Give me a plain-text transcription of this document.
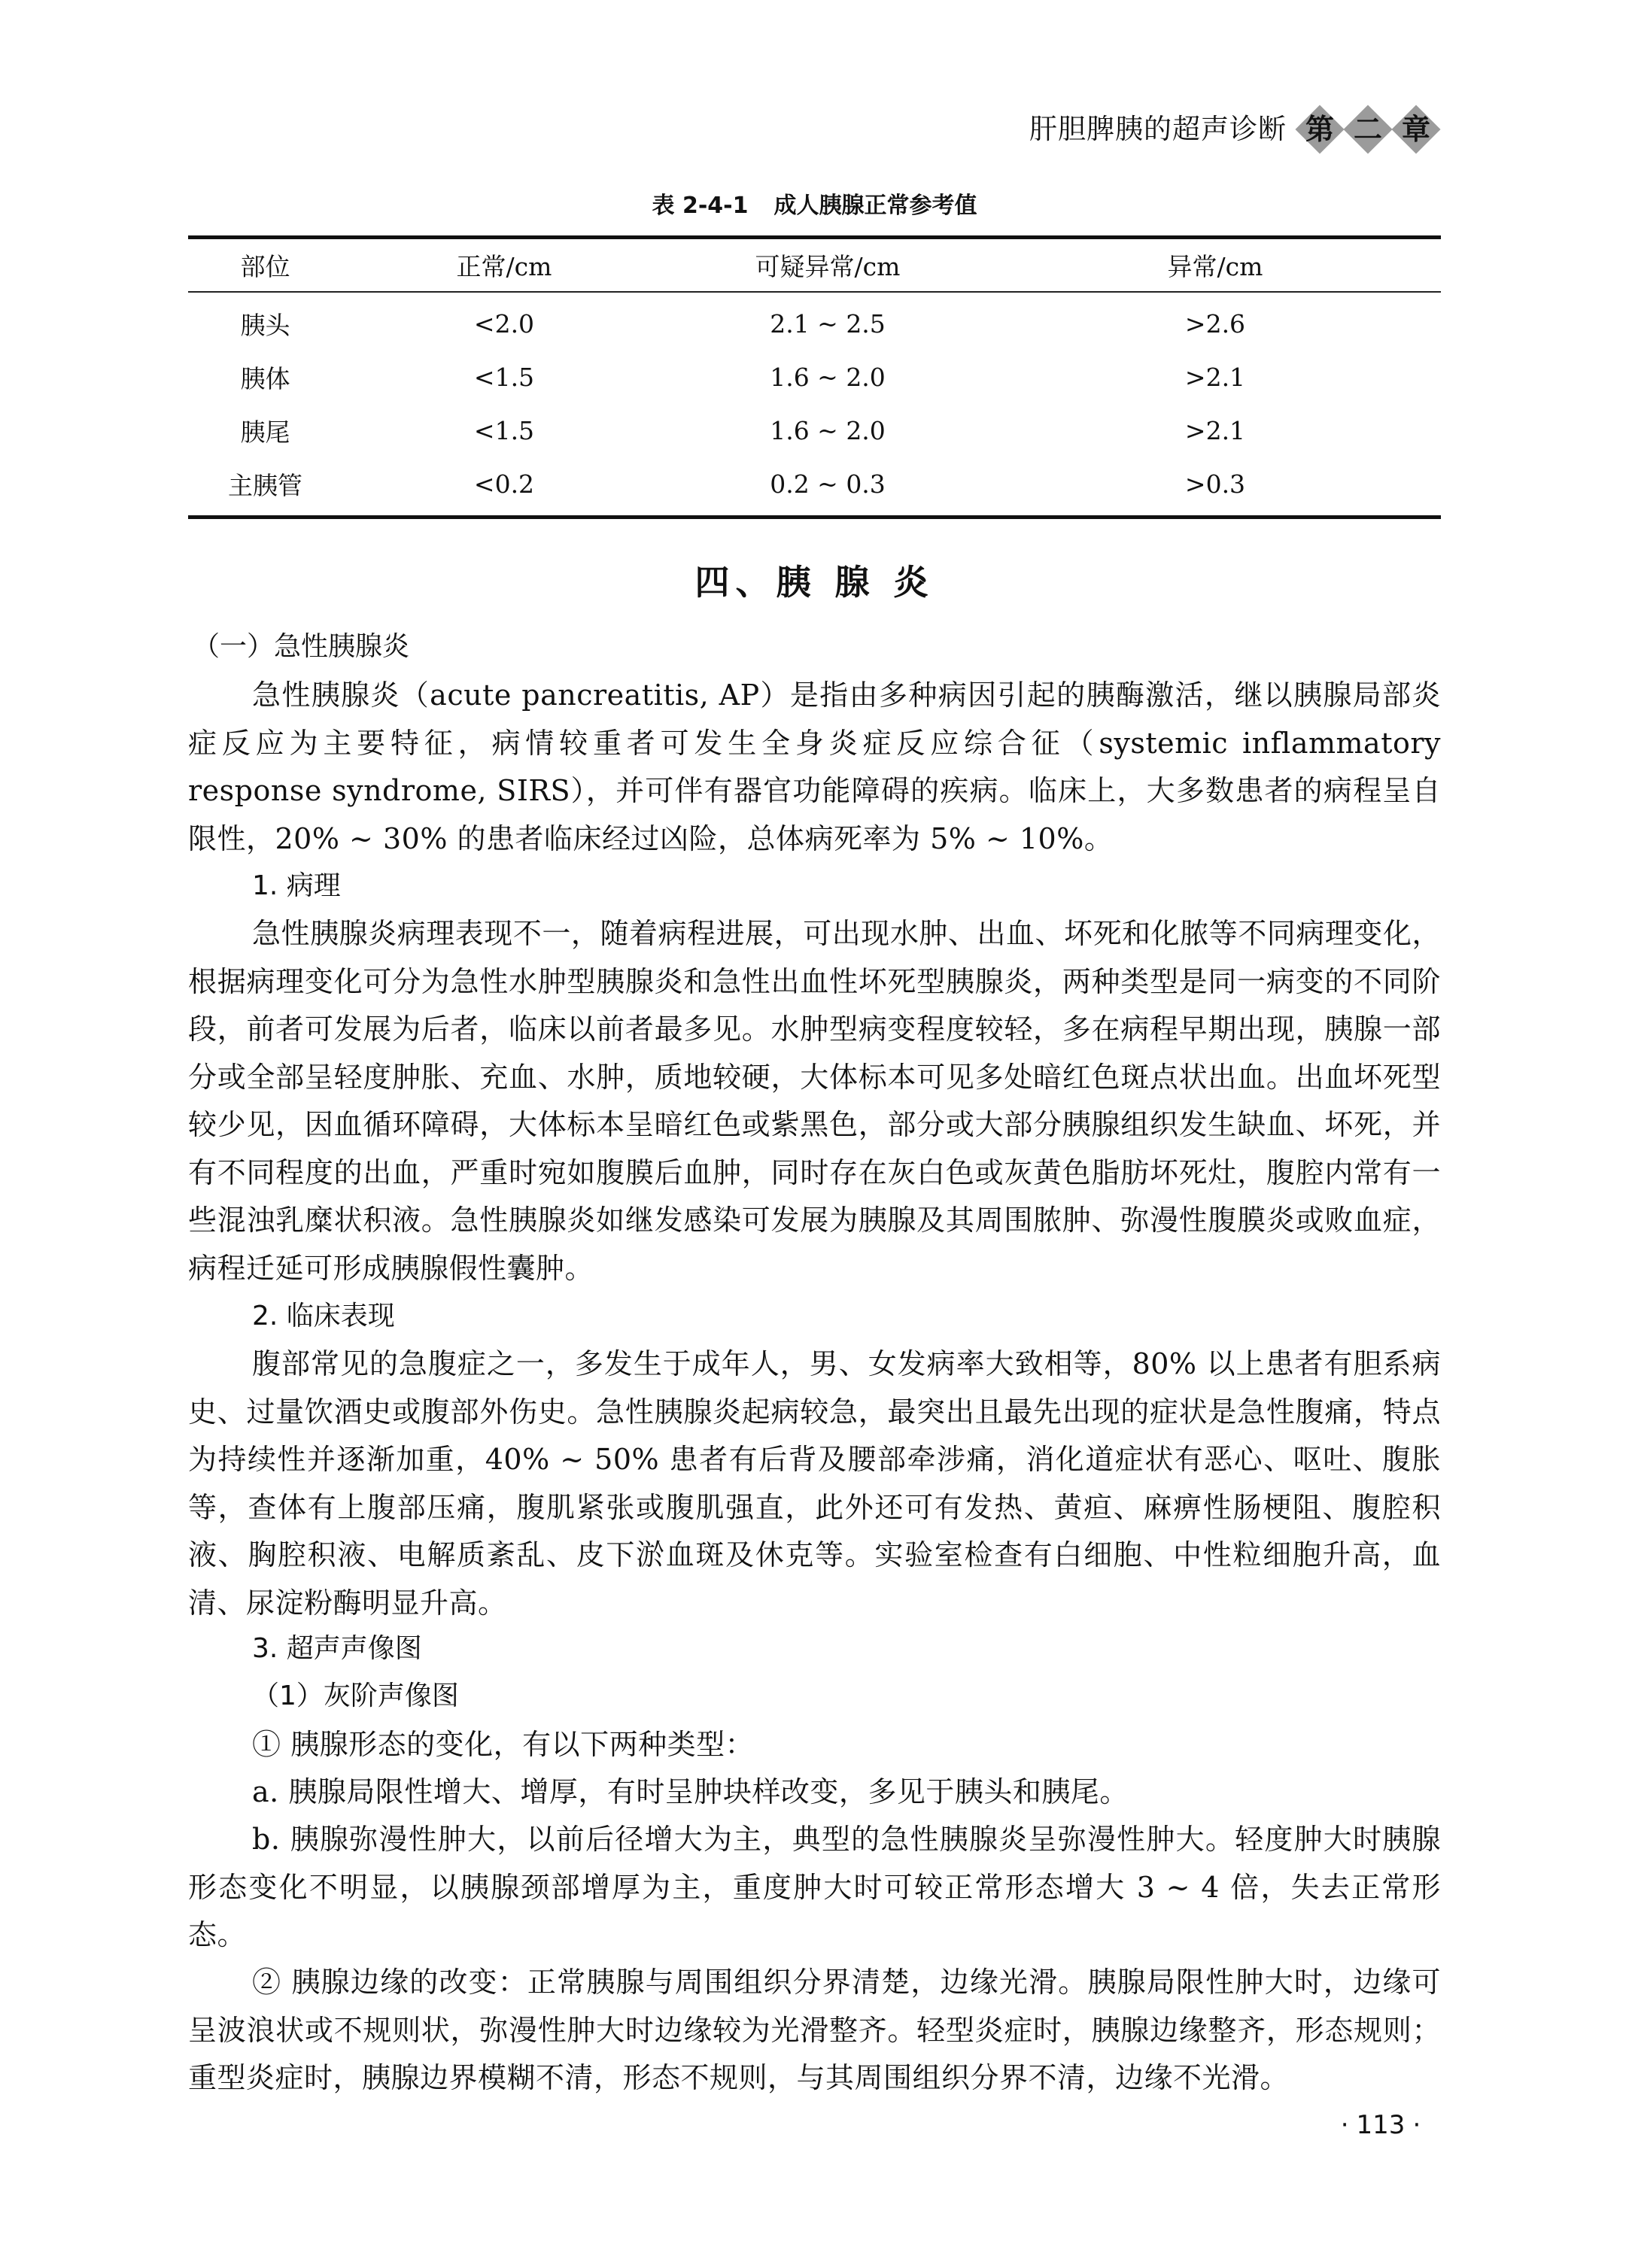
肝胆脾胰的超声诊断 第 二 章
表 2-4-1 成人胰腺正常参考值
部位	正常/cm	可疑异常/cm	异常/cm
胰头	<2.0	2.1 ~ 2.5	>2.6
胰体	<1.5	1.6 ~ 2.0	>2.1
胰尾	<1.5	1.6 ~ 2.0	>2.1
主胰管	<0.2	0.2 ~ 0.3	>0.3
四、胰 腺 炎
（一）急性胰腺炎
急性胰腺炎（acute pancreatitis, AP）是指由多种病因引起的胰酶激活，继以胰腺局部炎症反应为主要特征，病情较重者可发生全身炎症反应综合征（systemic inflammatory response syndrome, SIRS），并可伴有器官功能障碍的疾病。临床上，大多数患者的病程呈自限性，20% ~ 30% 的患者临床经过凶险，总体病死率为 5% ~ 10%。
1. 病理
急性胰腺炎病理表现不一，随着病程进展，可出现水肿、出血、坏死和化脓等不同病理变化，根据病理变化可分为急性水肿型胰腺炎和急性出血性坏死型胰腺炎，两种类型是同一病变的不同阶段，前者可发展为后者，临床以前者最多见。水肿型病变程度较轻，多在病程早期出现，胰腺一部分或全部呈轻度肿胀、充血、水肿，质地较硬，大体标本可见多处暗红色斑点状出血。出血坏死型较少见，因血循环障碍，大体标本呈暗红色或紫黑色，部分或大部分胰腺组织发生缺血、坏死，并有不同程度的出血，严重时宛如腹膜后血肿，同时存在灰白色或灰黄色脂肪坏死灶，腹腔内常有一些混浊乳糜状积液。急性胰腺炎如继发感染可发展为胰腺及其周围脓肿、弥漫性腹膜炎或败血症，病程迁延可形成胰腺假性囊肿。
2. 临床表现
腹部常见的急腹症之一，多发生于成年人，男、女发病率大致相等，80% 以上患者有胆系病史、过量饮酒史或腹部外伤史。急性胰腺炎起病较急，最突出且最先出现的症状是急性腹痛，特点为持续性并逐渐加重，40% ~ 50% 患者有后背及腰部牵涉痛，消化道症状有恶心、呕吐、腹胀等，查体有上腹部压痛，腹肌紧张或腹肌强直，此外还可有发热、黄疸、麻痹性肠梗阻、腹腔积液、胸腔积液、电解质紊乱、皮下淤血斑及休克等。实验室检查有白细胞、中性粒细胞升高，血清、尿淀粉酶明显升高。
3. 超声声像图
（1）灰阶声像图
① 胰腺形态的变化，有以下两种类型：
a. 胰腺局限性增大、增厚，有时呈肿块样改变，多见于胰头和胰尾。
b. 胰腺弥漫性肿大，以前后径增大为主，典型的急性胰腺炎呈弥漫性肿大。轻度肿大时胰腺形态变化不明显，以胰腺颈部增厚为主，重度肿大时可较正常形态增大 3 ~ 4 倍，失去正常形态。
② 胰腺边缘的改变：正常胰腺与周围组织分界清楚，边缘光滑。胰腺局限性肿大时，边缘可呈波浪状或不规则状，弥漫性肿大时边缘较为光滑整齐。轻型炎症时，胰腺边缘整齐，形态规则；重型炎症时，胰腺边界模糊不清，形态不规则，与其周围组织分界不清，边缘不光滑。
· 113 ·
